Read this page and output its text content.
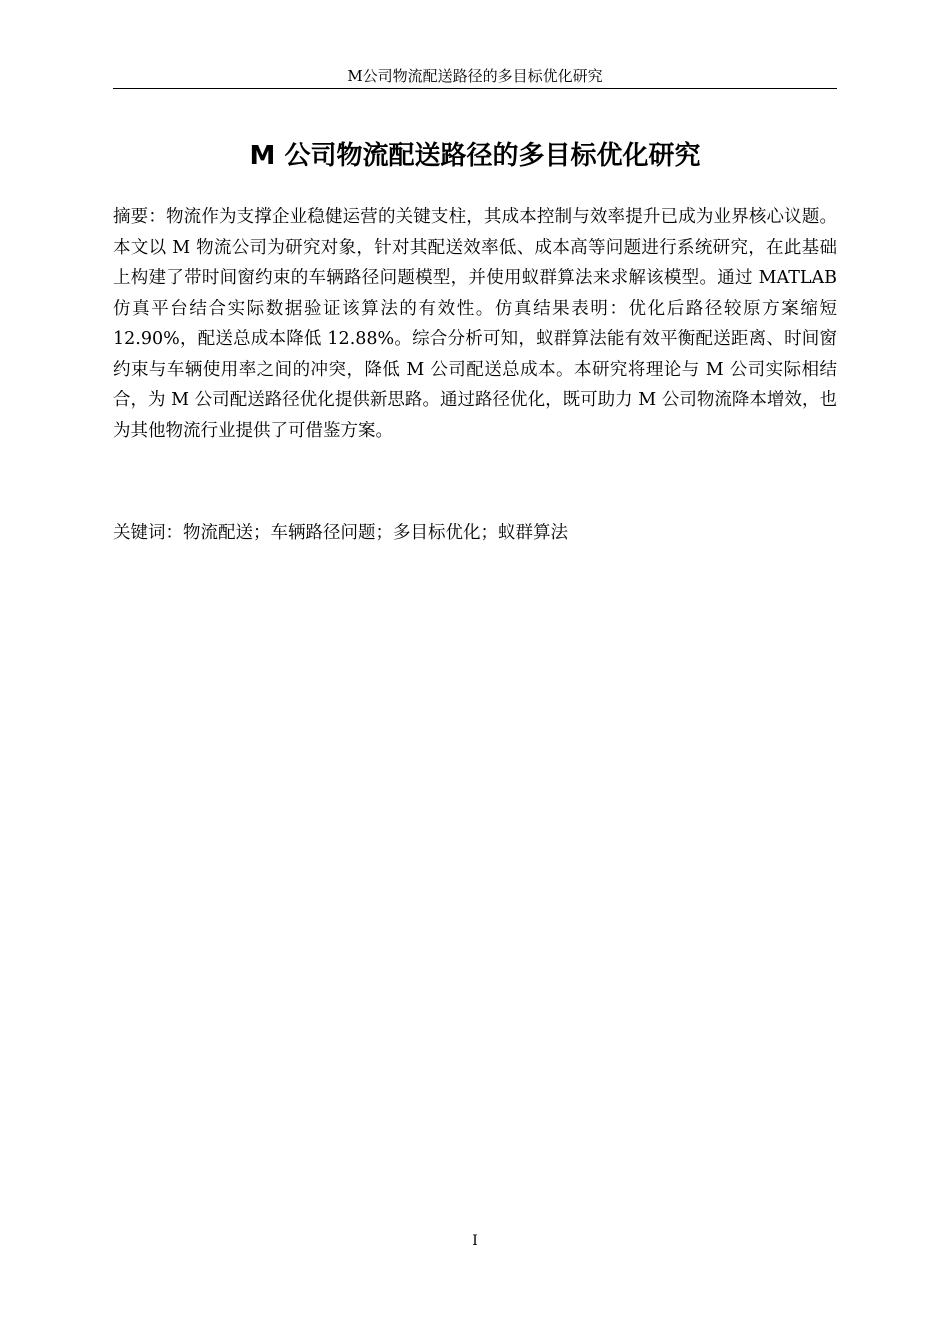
M公司物流配送路径的多目标优化研究
M 公司物流配送路径的多目标优化研究

摘要：物流作为支撑企业稳健运营的关键支柱，其成本控制与效率提升已成为业界核心议题。本文以 M 物流公司为研究对象，针对其配送效率低、成本高等问题进行系统研究，在此基础上构建了带时间窗约束的车辆路径问题模型，并使用蚁群算法来求解该模型。通过 MATLAB 仿真平台结合实际数据验证该算法的有效性。仿真结果表明：优化后路径较原方案缩短 12.90%，配送总成本降低 12.88%。综合分析可知，蚁群算法能有效平衡配送距离、时间窗约束与车辆使用率之间的冲突，降低 M 公司配送总成本。本研究将理论与 M 公司实际相结合，为 M 公司配送路径优化提供新思路。通过路径优化，既可助力 M 公司物流降本增效，也为其他物流行业提供了可借鉴方案。

关键词：物流配送；车辆路径问题；多目标优化；蚁群算法

I
